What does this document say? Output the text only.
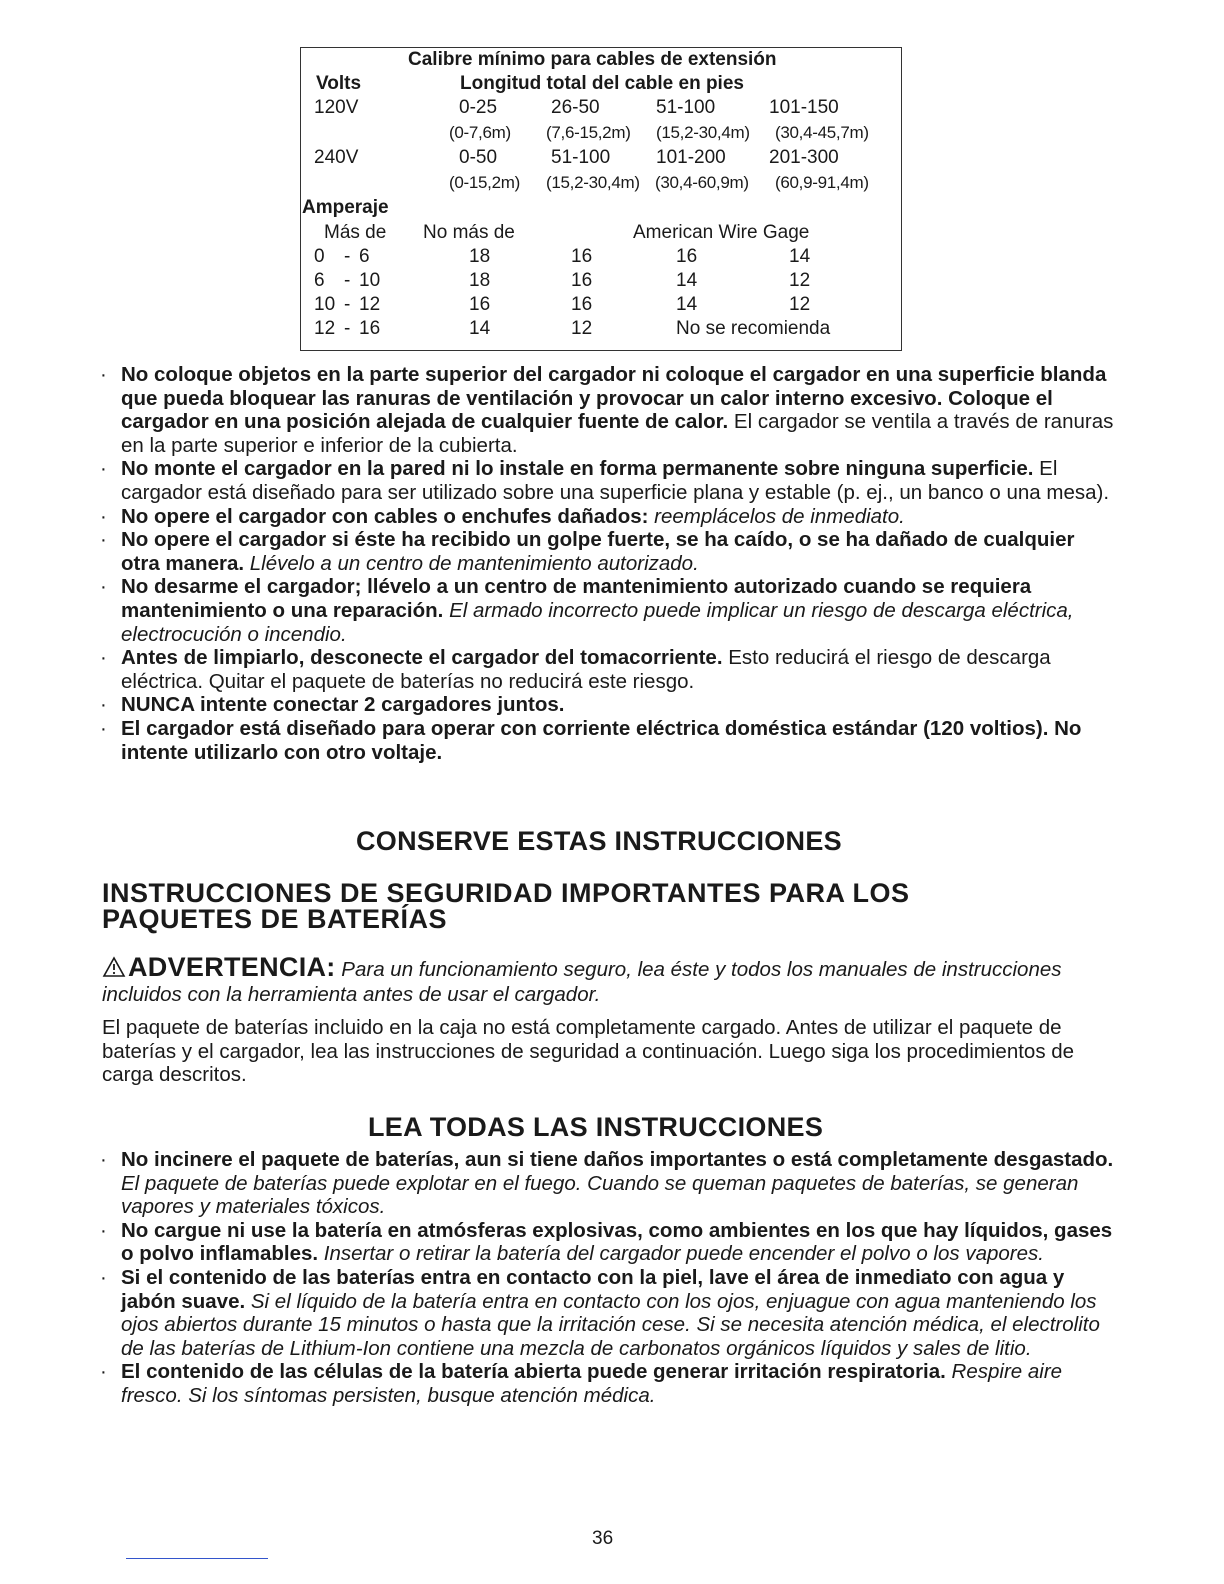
Calibre mínimo para cables de extensión
Volts	Longitud total del cable en pies
120V	0-25	26-50	51-100	101-150
(0-7,6m) (7,6-15,2m) (15,2-30,4m) (30,4-45,7m)
240V	0-50	51-100 101-200 201-300
(0-15,2m) (15,2-30,4m) (30,4-60,9m) (60,9-91,4m)
Amperaje
Más de No más de	American Wire Gage
0 - 6	18	16	16	14
6 - 10	18	16	14	12
10 - 12	16	16	14	12
12 - 16	14	12	No se recomienda
· No coloque objetos en la parte superior del cargador ni coloque el cargador en una superficie blanda que pueda bloquear las ranuras de ventilación y provocar un calor interno excesivo. Coloque el cargador en una posición alejada de cualquier fuente de calor. El cargador se ventila a través de ranuras en la parte superior e inferior de la cubierta.
· No monte el cargador en la pared ni lo instale en forma permanente sobre ninguna superficie. El cargador está diseñado para ser utilizado sobre una superficie plana y estable (p. ej., un banco o una mesa).
· No opere el cargador con cables o enchufes dañados: reemplácelos de inmediato.
· No opere el cargador si éste ha recibido un golpe fuerte, se ha caído, o se ha dañado de cualquier otra manera. Llévelo a un centro de mantenimiento autorizado.
· No desarme el cargador; llévelo a un centro de mantenimiento autorizado cuando se requiera mantenimiento o una reparación. El armado incorrecto puede implicar un riesgo de descarga eléctrica, electrocución o incendio.
· Antes de limpiarlo, desconecte el cargador del tomacorriente. Esto reducirá el riesgo de descarga eléctrica. Quitar el paquete de baterías no reducirá este riesgo.
· NUNCA intente conectar 2 cargadores juntos.
· El cargador está diseñado para operar con corriente eléctrica doméstica estándar (120 voltios). No intente utilizarlo con otro voltaje.
CONSERVE ESTAS INSTRUCCIONES
INSTRUCCIONES DE SEGURIDAD IMPORTANTES PARA LOS PAQUETES DE BATERÍAS
ADVERTENCIA: Para un funcionamiento seguro, lea éste y todos los manuales de instrucciones incluidos con la herramienta antes de usar el cargador.
El paquete de baterías incluido en la caja no está completamente cargado. Antes de utilizar el paquete de baterías y el cargador, lea las instrucciones de seguridad a continuación. Luego siga los procedimientos de carga descritos.
LEA TODAS LAS INSTRUCCIONES
· No incinere el paquete de baterías, aun si tiene daños importantes o está completamente desgastado. El paquete de baterías puede explotar en el fuego. Cuando se queman paquetes de baterías, se generan vapores y materiales tóxicos.
· No cargue ni use la batería en atmósferas explosivas, como ambientes en los que hay líquidos, gases o polvo inflamables. Insertar o retirar la batería del cargador puede encender el polvo o los vapores.
· Si el contenido de las baterías entra en contacto con la piel, lave el área de inmediato con agua y jabón suave. Si el líquido de la batería entra en contacto con los ojos, enjuague con agua manteniendo los ojos abiertos durante 15 minutos o hasta que la irritación cese. Si se necesita atención médica, el electrolito de las baterías de Lithium-Ion contiene una mezcla de carbonatos orgánicos líquidos y sales de litio.
· El contenido de las células de la batería abierta puede generar irritación respiratoria. Respire aire fresco. Si los síntomas persisten, busque atención médica.
36
